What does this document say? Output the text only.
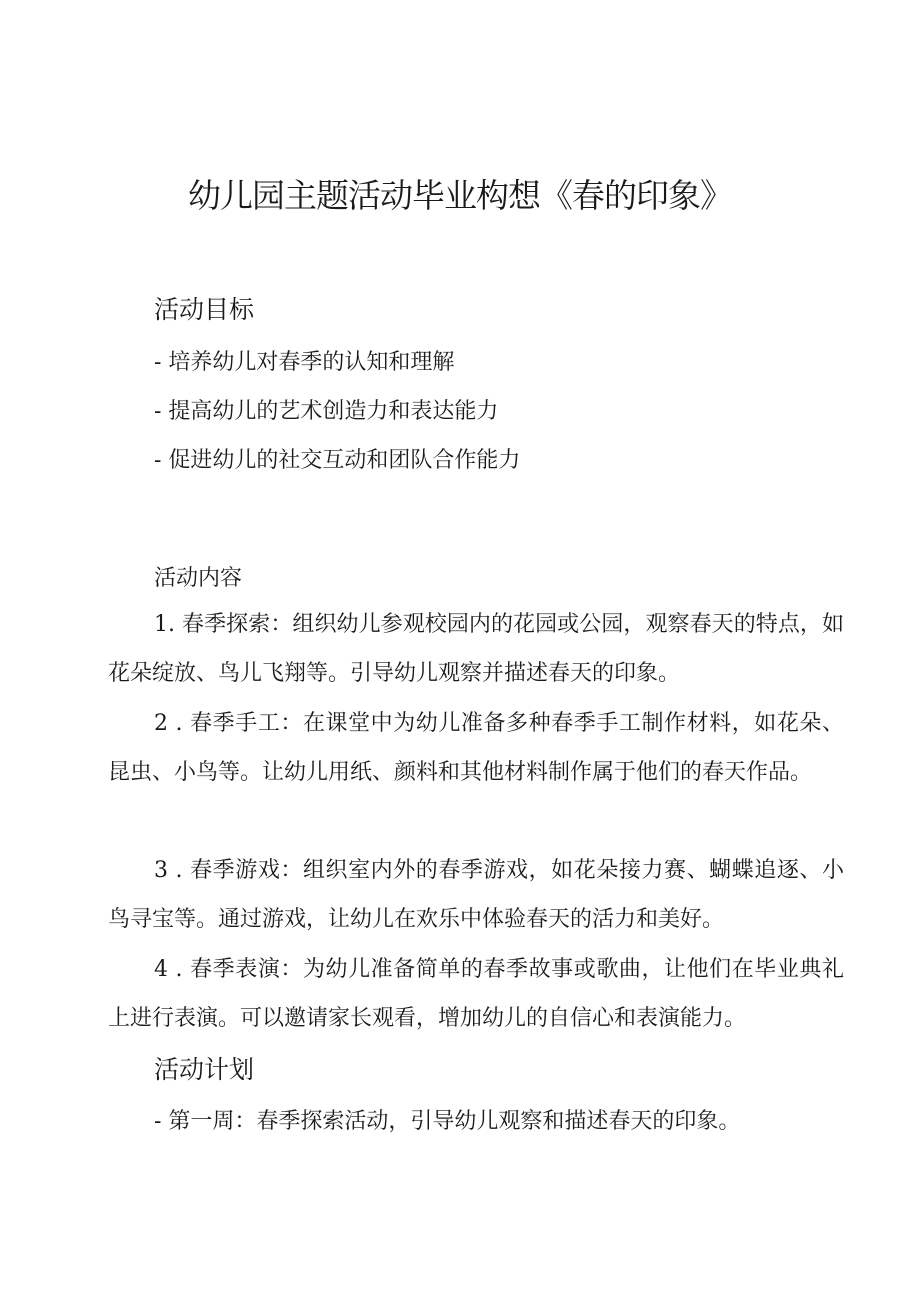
幼儿园主题活动毕业构想《春的印象》
活动目标

- 培养幼儿对春季的认知和理解

- 提高幼儿的艺术创造力和表达能力

- 促进幼儿的社交互动和团队合作能力

活动内容

1. 春季探索：组织幼儿参观校园内的花园或公园，观察春天的特点，如花朵绽放、鸟儿飞翔等。引导幼儿观察并描述春天的印象。

2 . 春季手工：在课堂中为幼儿准备多种春季手工制作材料，如花朵、昆虫、小鸟等。让幼儿用纸、颜料和其他材料制作属于他们的春天作品。

3 . 春季游戏：组织室内外的春季游戏，如花朵接力赛、蝴蝶追逐、小鸟寻宝等。通过游戏，让幼儿在欢乐中体验春天的活力和美好。

4 . 春季表演：为幼儿准备简单的春季故事或歌曲，让他们在毕业典礼上进行表演。可以邀请家长观看，增加幼儿的自信心和表演能力。

活动计划

- 第一周：春季探索活动，引导幼儿观察和描述春天的印象。
